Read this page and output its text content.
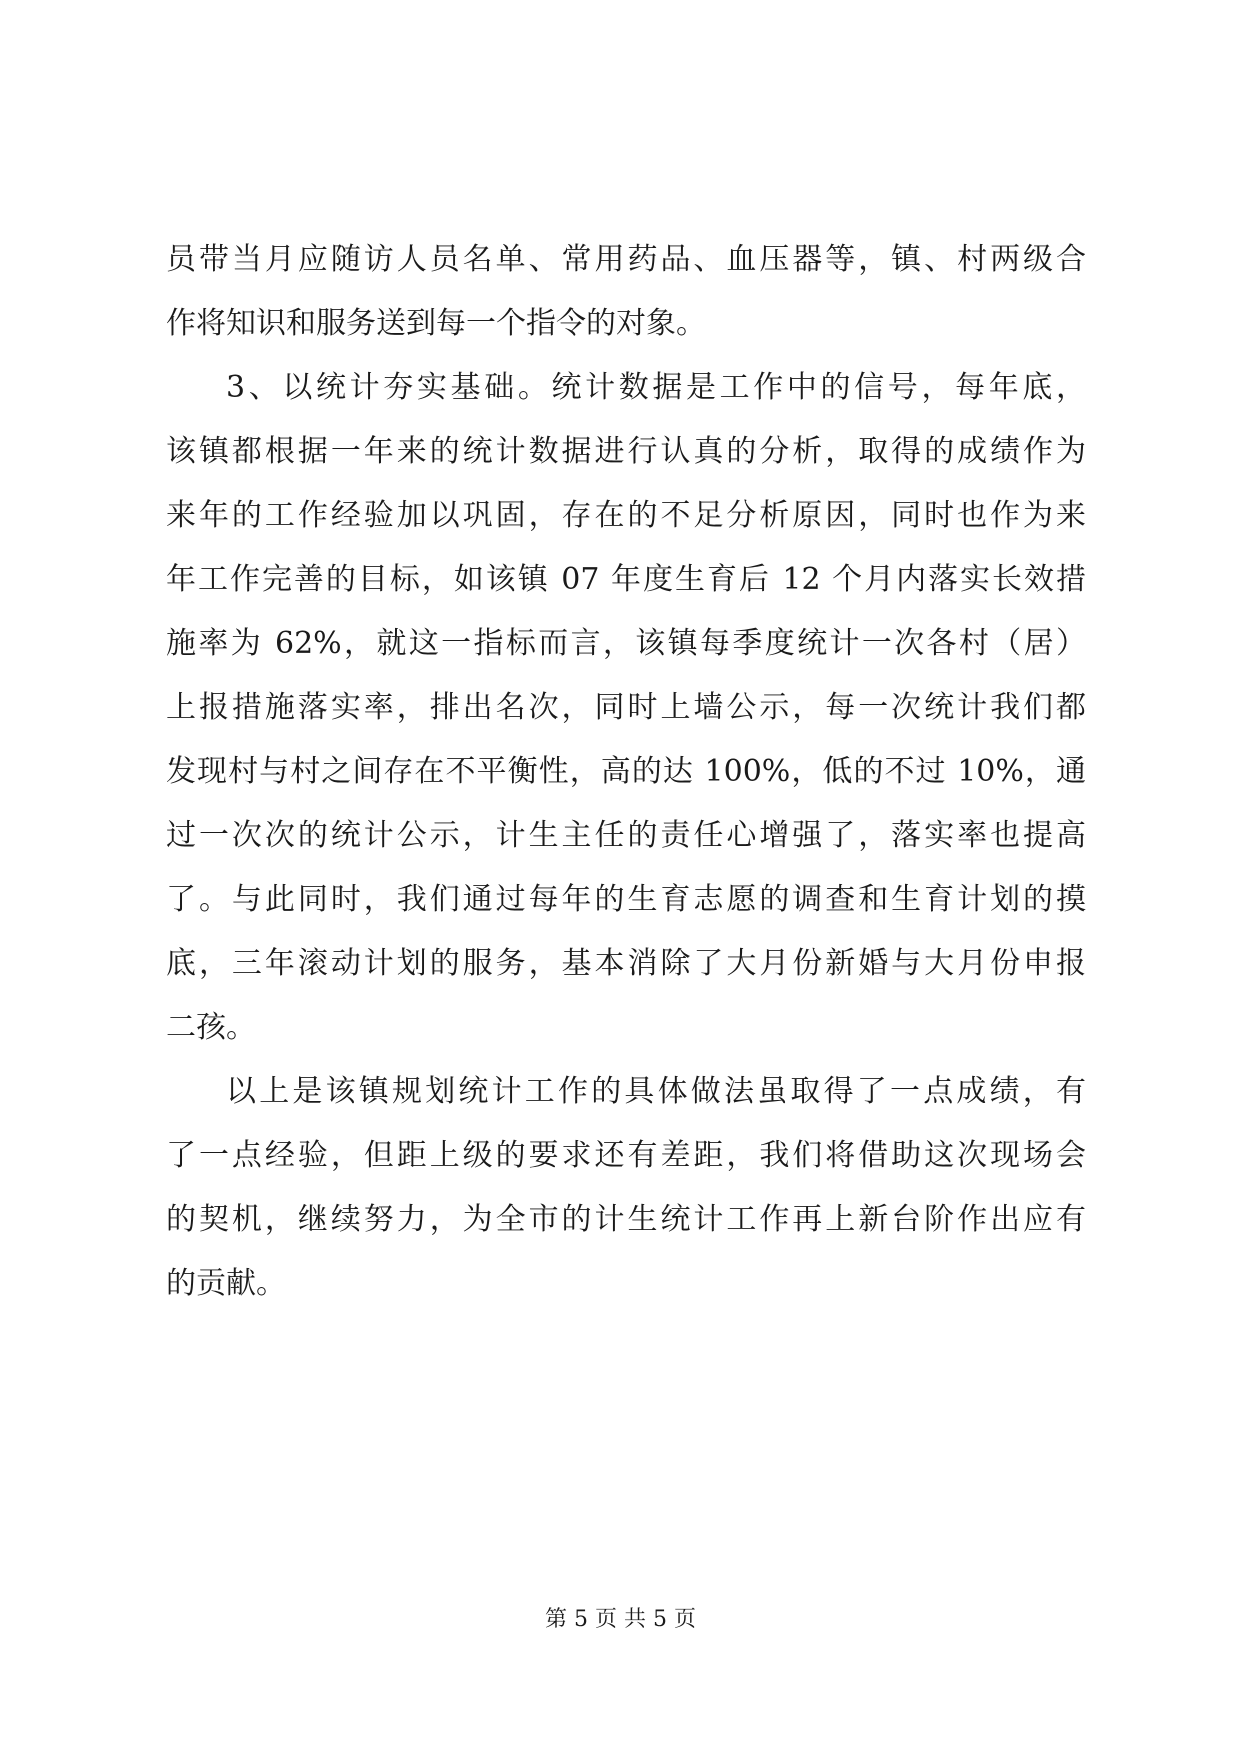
员带当月应随访人员名单、常用药品、血压器等，镇、村两级合
作将知识和服务送到每一个指令的对象。
3、以统计夯实基础。统计数据是工作中的信号，每年底，
该镇都根据一年来的统计数据进行认真的分析，取得的成绩作为
来年的工作经验加以巩固，存在的不足分析原因，同时也作为来
年工作完善的目标，如该镇 07 年度生育后 12 个月内落实长效措
施率为 62%，就这一指标而言，该镇每季度统计一次各村（居）
上报措施落实率，排出名次，同时上墙公示，每一次统计我们都
发现村与村之间存在不平衡性，高的达 100%，低的不过 10%，通
过一次次的统计公示，计生主任的责任心增强了，落实率也提高
了。与此同时，我们通过每年的生育志愿的调查和生育计划的摸
底，三年滚动计划的服务，基本消除了大月份新婚与大月份申报
二孩。
以上是该镇规划统计工作的具体做法虽取得了一点成绩，有
了一点经验，但距上级的要求还有差距，我们将借助这次现场会
的契机，继续努力，为全市的计生统计工作再上新台阶作出应有
的贡献。
第 5 页 共 5 页
